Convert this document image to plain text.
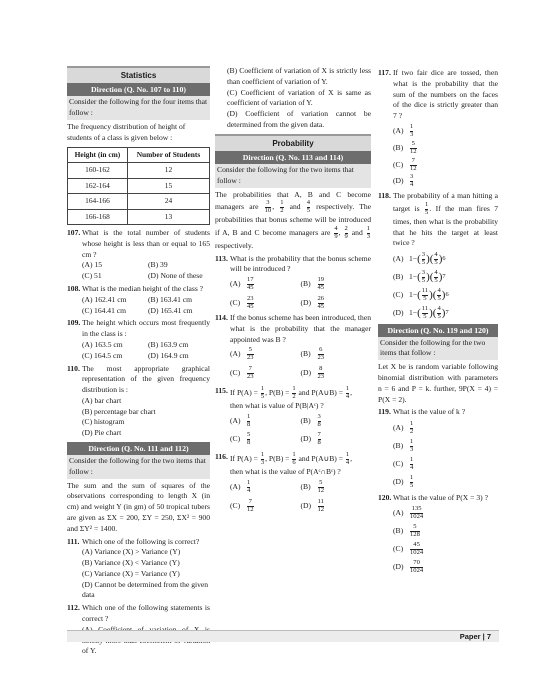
Statistics
Direction (Q. No. 107 to 110)
Consider the following for the four items that follow :

The frequency distribution of height of students of a class is given below :

Height (in cm)	Number of Students
160-162	12
162-164	15
164-166	24
166-168	13
107. What is the total number of students whose height is less than or equal to 165 cm ?
(A) 15	(B) 39
(C) 51	(D) None of these
108. What is the median height of the class ?
(A) 162.41 cm	(B) 163.41 cm
(C) 164.41 cm	(D) 165.41 cm
109. The height which occurs most frequently in the class is :
(A) 163.5 cm	(B) 163.9 cm
(C) 164.5 cm	(D) 164.9 cm
110. The most appropriate graphical representation of the given frequency distribution is :
(A) bar chart
(B) percentage bar chart
(C) histogram
(D) Pie chart
Direction (Q. No. 111 and 112)
Consider the following for the two items that follow :

The sum and the sum of squares of the observations corresponding to length X (in cm) and weight Y (in gm) of 50 tropical tubers are given as ΣX = 200, ΣY = 250, ΣX² = 900 and ΣY² = 1400.

111. Which one of the following is correct?
(A) Variance (X) > Variance (Y)
(B) Variance (X) < Variance (Y)
(C) Variance (X) = Variance (Y)
(D) Cannot be determined from the given data
112. Which one of the following statements is correct ?
of Y.
(B) Coefficient of variation of X is strictly less than coefficient of variation of Y.
(C) Coefficient of variation of X is same as coefficient of variation of Y.
(D) Coefficient of variation cannot be determined from the given data.
Probability
Direction (Q. No. 113 and 114)
Consider the following for the two items that follow :

The probabilities that A, B and C become managers are $\frac{3}{10}$ , $\frac{1}{2}$ and $\frac{4}{5}$ respectively. The probabilities that bonus scheme will be introduced if A, B and C become managers are $\frac{4}{9}$ , $\frac{2}{9}$ and $\frac{1}{3}$
respectively.

113. What is the probability that the bonus scheme will be introduced ?
$(A) \frac{17}{45}$	(B)	$\frac{19}{45}$
(C)	$\frac{23}{45}$	$(D) \frac{26}{45}$
114. If the bonus scheme has been introduced, then what is the probability that the manager appointed was B ?
$(A) \frac{5}{23}$	(B)	$\frac{6}{23}$
(C)	$\frac{7}{23}$	$(D) \frac{8}{23}$
115. If $P(A) = \frac{1}{5}$ , $P(B) = \frac{1}{2}$ and P(A∪B) = $\frac{1}{4}$ ,
then what is value of P(B|Aᶜ) ?
$(A) \frac{1}{8}$	(B)	$\frac{3}{8}$
(C)	$\frac{5}{8}$	$(D) \frac{7}{8}$
116. If $P(A) = \frac{1}{3}$ , $P(B) = \frac{1}{6}$ and P(A∪B) = $\frac{1}{4}$ ,
then what is the value of P(Aᶜ∩Bᶜ) ?
$(A) \frac{1}{4}$	(B)	$\frac{5}{12}$
(C)	$\frac{7}{12}$	$(D) \frac{11}{12}$
117. If two fair dice are tossed, then what is the probability that the sum of the numbers on the faces of the dice is strictly greater than 7 ?
$(A) \frac{1}{3}$
(B)	$\frac{5}{12}$
(C)	$\frac{7}{12}$
$(D) \frac{3}{4}$
118. The probability of a man hitting a target is $\frac{1}{5}$ . If the man fires 7 times, then what is the probability that he hits the target at least twice ?
(A) 1− ( $\frac{3}{5}$ ) ( $\frac{4}{5}$ ) 6
(B) 1− ( $\frac{3}{5}$ ) ( $\frac{4}{5}$ ) 7
(C) 1− ( $\frac{11}{5}$ ) ( $\frac{4}{5}$ ) 6
(D) 1− ( $\frac{11}{5}$ ) ( $\frac{4}{5}$ ) 7
Direction (Q. No. 119 and 120)
Consider the following for the two items that follow :

Let X be is random variable following binomial distribution with parameters n = 6 and P = k. further, 9P(X = 4) = P(X = 2).

119. What is the value of k ?
$(A) \frac{1}{2}$
(B)	$\frac{1}{3}$
(C)	$\frac{1}{4}$
$(D) \frac{1}{5}$
120. What is the value of P(X = 3) ?
$(A) \frac{135}{1024}$
(B)	$\frac{5}{128}$
(C)	$\frac{45}{1024}$
$(D) \frac{70}{1024}$
Paper | 7
